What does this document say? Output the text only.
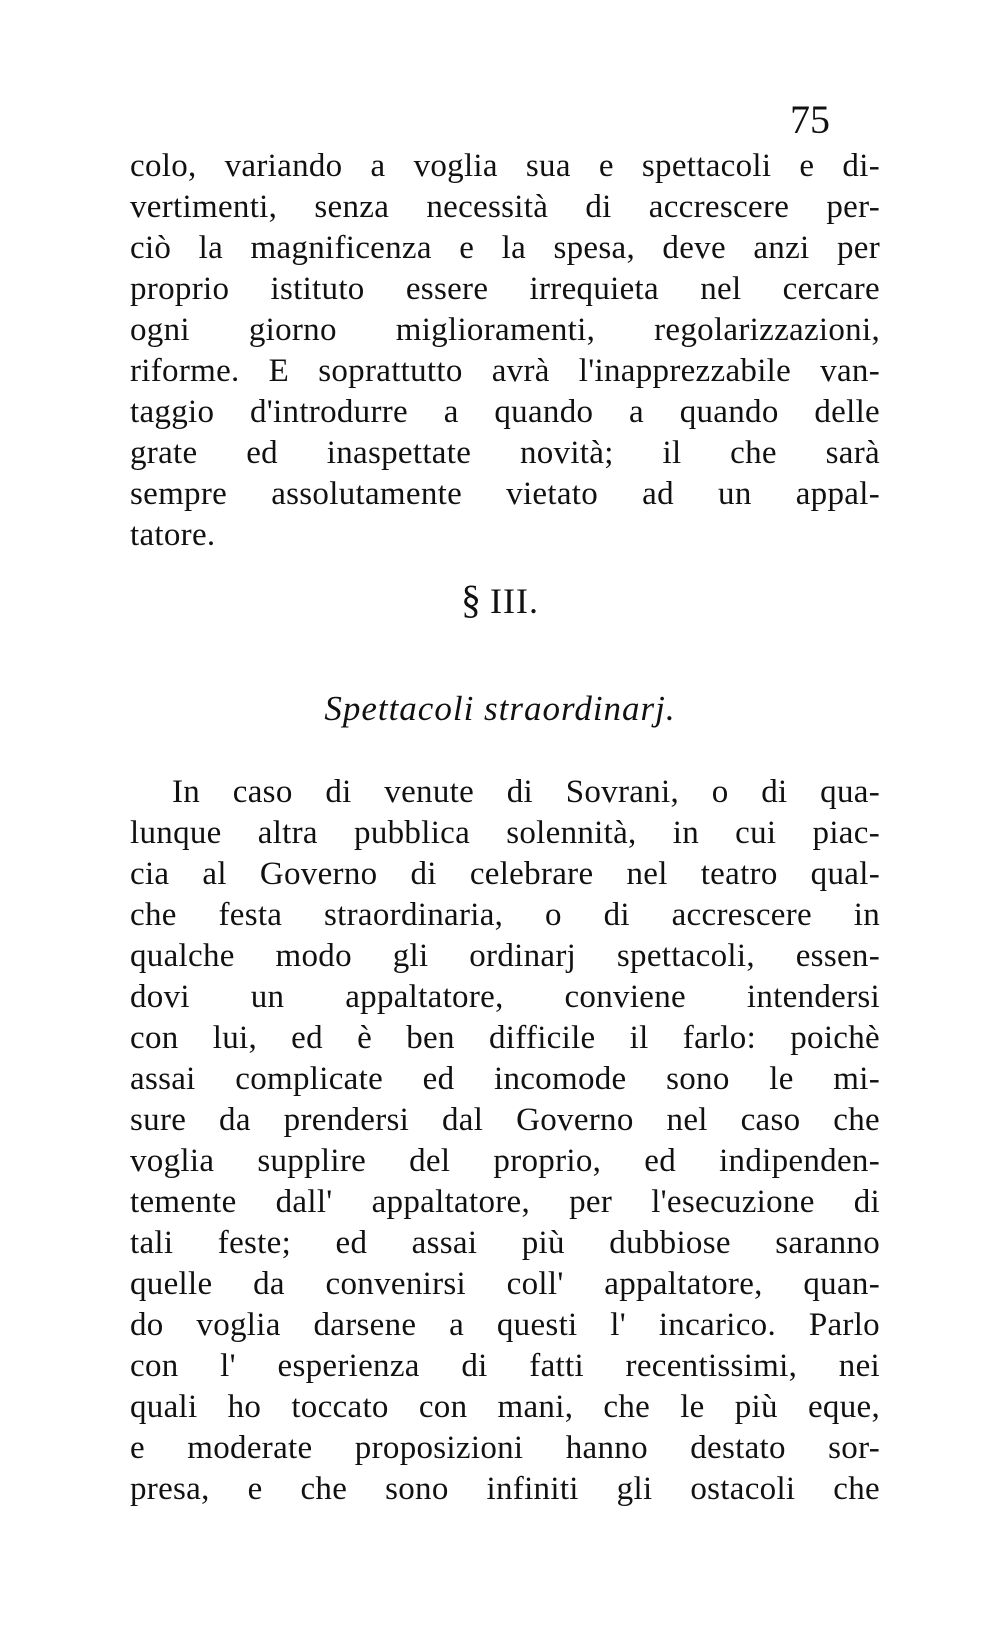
75
colo, variando a voglia sua e spettacoli e di-
vertimenti, senza necessità di accrescere per-
ciò la magnificenza e la spesa, deve anzi per
proprio istituto essere irrequieta nel cercare
ogni giorno miglioramenti, regolarizzazioni,
riforme. E soprattutto avrà l'inapprezzabile van-
taggio d'introdurre a quando a quando delle
grate ed inaspettate novità; il che sarà
sempre assolutamente vietato ad un appal-
tatore.
§ III.
Spettacoli straordinarj.
In caso di venute di Sovrani, o di qua-
lunque altra pubblica solennità, in cui piac-
cia al Governo di celebrare nel teatro qual-
che festa straordinaria, o di accrescere in
qualche modo gli ordinarj spettacoli, essen-
dovi un appaltatore, conviene intendersi
con lui, ed è ben difficile il farlo: poichè
assai complicate ed incomode sono le mi-
sure da prendersi dal Governo nel caso che
voglia supplire del proprio, ed indipenden-
temente dall' appaltatore, per l'esecuzione di
tali feste; ed assai più dubbiose saranno
quelle da convenirsi coll' appaltatore, quan-
do voglia darsene a questi l' incarico. Parlo
con l' esperienza di fatti recentissimi, nei
quali ho toccato con mani, che le più eque,
e moderate proposizioni hanno destato sor-
presa, e che sono infiniti gli ostacoli che
